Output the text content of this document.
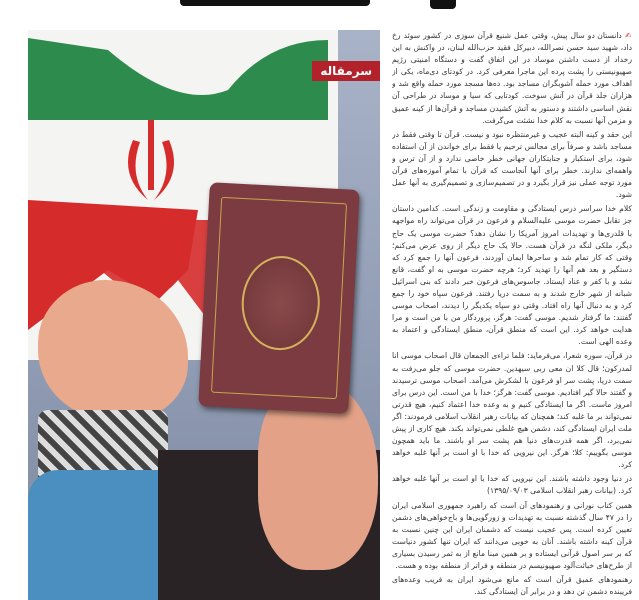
سرمقاله

✍ دانستان دو سال پیش، وقتی عمل شنیع قرآن سوزی در کشور سوئد رخ داد، شهید سید حسن نصرالله، دبیرکل فقید حزب‌الله لبنان، در واکنش به این رخداد از دست داشتن موساد در این اتفاق گفت و دستگاه امنیتی رژیم صهیونیستی را پشت پرده این ماجرا معرفی کرد. در کودتای دی‌ماه، یکی از اهداف مورد حمله آشوبگران مساجد بود. ده‌ها مسجد مورد حمله واقع شد و هزاران جلد قرآن در آتش سوخت. کودتایی که سیا و موساد در طراحی آن نقش اساسی داشتند و دستور به آتش کشیدن مساجد و قرآن‌ها از کینه عمیق و مزمن آنها نسبت به کلام خدا نشئت می‌گرفت.

این حقد و کینه البته عجیب و غیرمنتظره نبود و نیست. قرآن تا وقتی فقط در مساجد باشد و صرفاً برای مجالس ترحیم یا فقط برای خواندن از آن استفاده شود، برای استکبار و جنایتکاران جهانی خطر خاصی ندارد و از آن ترس و واهمه‌ای ندارند. خطر برای آنها آنجاست که قرآن با تمام آموزه‌های قرآن مورد توجه عملی نیز قرار بگیرد و در تصمیم‌سازی و تصمیم‌گیری به آنها عمل شود.

کلام خدا سراسر درس ایستادگی و مقاومت و زندگی است. کدامین داستان جز تقابل حضرت موسی علیه‌السلام و فرعون در قرآن می‌تواند راه مواجهه با قلدری‌ها و تهدیدات امروز آمریکا را نشان دهد؟ حضرت موسی یک حاج دیگر، ملکی لنگه در قرآن هست. حالا یک حاج دیگر از روی عرض می‌کنم؛ وقتی که کار تمام شد و ساحرها ایمان آوردند، فرعون آنها را جمع کرد که دستگیر و بعد هم آنها را تهدید کرد؛ هرچه حضرت موسی به او گفت، قانع نشد و با کفر و عناد ایستاد. جاسوس‌های فرعون خبر دادند که بنی اسرائیل شبانه از شهر خارج شدند و به سمت دریا رفتند. فرعون سپاه خود را جمع کرد و به دنبال آنها راه افتاد. وقتی دو سپاه یکدیگر را دیدند، اصحاب موسی گفتند: ما گرفتار شدیم. موسی گفت: هرگز، پروردگار من با من است و مرا هدایت خواهد کرد. این است که منطق قرآن، منطق ایستادگی و اعتماد به وعده الهی است.

در قرآن، سوره شعرا، می‌فرماید: فلما تراءی الجمعان قال اصحاب موسی انا لمدرکون؛ قال کلا ان معی ربی سیهدین. حضرت موسی که جلو می‌رفت به سمت دریا، پشت سر او فرعون با لشکرش می‌آمد. اصحاب موسی ترسیدند و گفتند حالا گیر افتادیم. موسی گفت: هرگز؛ خدا با من است. این درس برای امروز ماست. اگر ما ایستادگی کنیم و به وعده خدا اعتماد کنیم، هیچ قدرتی نمی‌تواند بر ما غلبه کند؛ همچنان که بیانات رهبر انقلاب اسلامی فرمودند: اگر ملت ایران ایستادگی کند، دشمن هیچ غلطی نمی‌تواند بکند. هیچ کاری از پیش نمی‌برد، اگر همه قدرت‌های دنیا هم پشت سر او باشند. ما باید همچون موسی بگوییم: کلا؛ هرگز. این نیرویی که خدا با او است بر آنها غلبه خواهد کرد.

در دنیا وجود داشته باشند. این نیرویی که خدا با او است بر آنها غلبه خواهد کرد. (بیانات رهبر انقلاب اسلامی ۱۳۹۵/۰۹/۰۳)

همین کتاب نورانی و رهنمودهای آن است که راهبرد جمهوری اسلامی ایران را در ۴۷ سال گذشته نسبت به تهدیدات و زورگویی‌ها و باج‌خواهی‌های دشمن تعیین کرده است. پس عجیب نیست که دشمنان ایران این چنین نسبت به قرآن کینه داشته باشند. آنان به خوبی می‌دانند که ایران تنها کشور دنیاست که بر سر اصول قرآنی ایستاده و بر همین مبنا مانع از به ثمر رسیدن بسیاری از طرح‌های خباثت‌آلود صهیونیسم در منطقه و فراتر از منطقه بوده و هست.

رهنمودهای عمیق قرآن است که مانع می‌شود ایران به فریب وعده‌های فریبنده دشمن تن دهد و در برابر آن ایستادگی کند.
